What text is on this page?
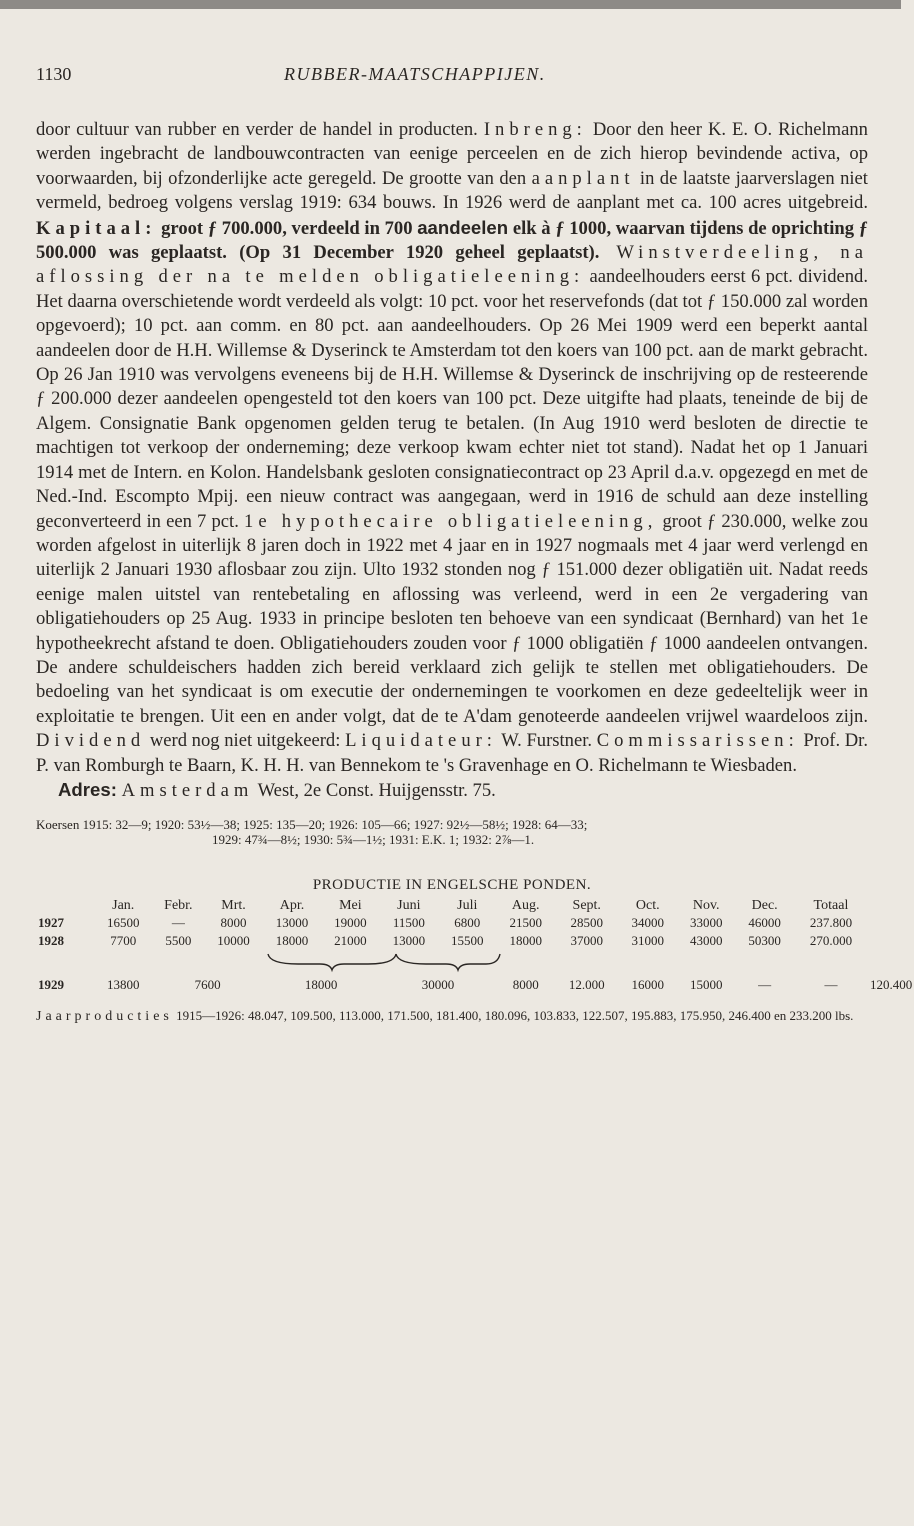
1130	RUBBER-MAATSCHAPPIJEN.
door cultuur van rubber en verder de handel in producten. Inbreng: Door den heer K. E. O. Richelmann werden ingebracht de landbouwcontracten van eenige perceelen en de zich hierop bevindende activa, op voorwaarden, bij ofzonderlijke acte geregeld. De grootte van den aanplant in de laatste jaarverslagen niet vermeld, bedroeg volgens verslag 1919: 634 bouws. In 1926 werd de aanplant met ca. 100 acres uitgebreid. Kapitaal: groot ƒ 700.000, verdeeld in 700 aandeelen elk à ƒ 1000, waarvan tijdens de oprichting ƒ 500.000 was geplaatst. (Op 31 December 1920 geheel geplaatst). Winstverdeeling, na aflossing der na te melden obligatieleening: aandeelhouders eerst 6 pct. dividend. Het daarna overschietende wordt verdeeld als volgt: 10 pct. voor het reservefonds (dat tot ƒ 150.000 zal worden opgevoerd); 10 pct. aan comm. en 80 pct. aan aandeelhouders. Op 26 Mei 1909 werd een beperkt aantal aandeelen door de H.H. Willemse & Dyserinck te Amsterdam tot den koers van 100 pct. aan de markt gebracht. Op 26 Jan 1910 was vervolgens eveneens bij de H.H. Willemse & Dyserinck de inschrijving op de resteerende ƒ 200.000 dezer aandeelen opengesteld tot den koers van 100 pct. Deze uitgifte had plaats, teneinde de bij de Algem. Consignatie Bank opgenomen gelden terug te betalen. (In Aug 1910 werd besloten de directie te machtigen tot verkoop der onderneming; deze verkoop kwam echter niet tot stand). Nadat het op 1 Januari 1914 met de Intern. en Kolon. Handelsbank gesloten consignatiecontract op 23 April d.a.v. opgezegd en met de Ned.-Ind. Escompto Mpij. een nieuw contract was aangegaan, werd in 1916 de schuld aan deze instelling geconverteerd in een 7 pct. 1e hypothecaire obligatieleening, groot ƒ 230.000, welke zou worden afgelost in uiterlijk 8 jaren doch in 1922 met 4 jaar en in 1927 nogmaals met 4 jaar werd verlengd en uiterlijk 2 Januari 1930 aflosbaar zou zijn. Ulto 1932 stonden nog ƒ 151.000 dezer obligatiën uit. Nadat reeds eenige malen uitstel van rentebetaling en aflossing was verleend, werd in een 2e vergadering van obligatiehouders op 25 Aug. 1933 in principe besloten ten behoeve van een syndicaat (Bernhard) van het 1e hypotheekrecht afstand te doen. Obligatiehouders zouden voor ƒ 1000 obligatiën ƒ 1000 aandeelen ontvangen. De andere schuldeischers hadden zich bereid verklaard zich gelijk te stellen met obligatiehouders. De bedoeling van het syndicaat is om executie der ondernemingen te voorkomen en deze gedeeltelijk weer in exploitatie te brengen. Uit een en ander volgt, dat de te A'dam genoteerde aandeelen vrijwel waardeloos zijn. Dividend werd nog niet uitgekeerd: Liquidateur: W. Furstner. Commissarissen: Prof. Dr. P. van Romburgh te Baarn, K. H. H. van Bennekom te 's Gravenhage en O. Richelmann te Wiesbaden.
Adres: Amsterdam West, 2e Const. Huijgensstr. 75.
Koersen 1915: 32—9; 1920: 53½—38; 1925: 135—20; 1926: 105—66; 1927: 92½—58½; 1928: 64—33;
1929: 47¾—8½; 1930: 5¾—1½; 1931: E.K. 1; 1932: 2⅞—1.
PRODUCTIE IN ENGELSCHE PONDEN.
	Jan.	Febr.	Mrt.	Apr.	Mei	Juni	Juli	Aug.	Sept.	Oct.	Nov.	Dec.	Totaal	
1927	16500	—	8000	13000	19000	11500	6800	21500	28500	34000	33000	46000	237.800	
1928	7700	5500	10000	18000	21000	13000	15500	18000	37000	31000	43000	50300	270.000	

1929	13800	7600		18000		30000		8000	12.000	16000	15000	—	—	120.400
Jaarproducties 1915—1926: 48.047, 109.500, 113.000, 171.500, 181.400, 180.096, 103.833, 122.507, 195.883, 175.950, 246.400 en 233.200 lbs.
